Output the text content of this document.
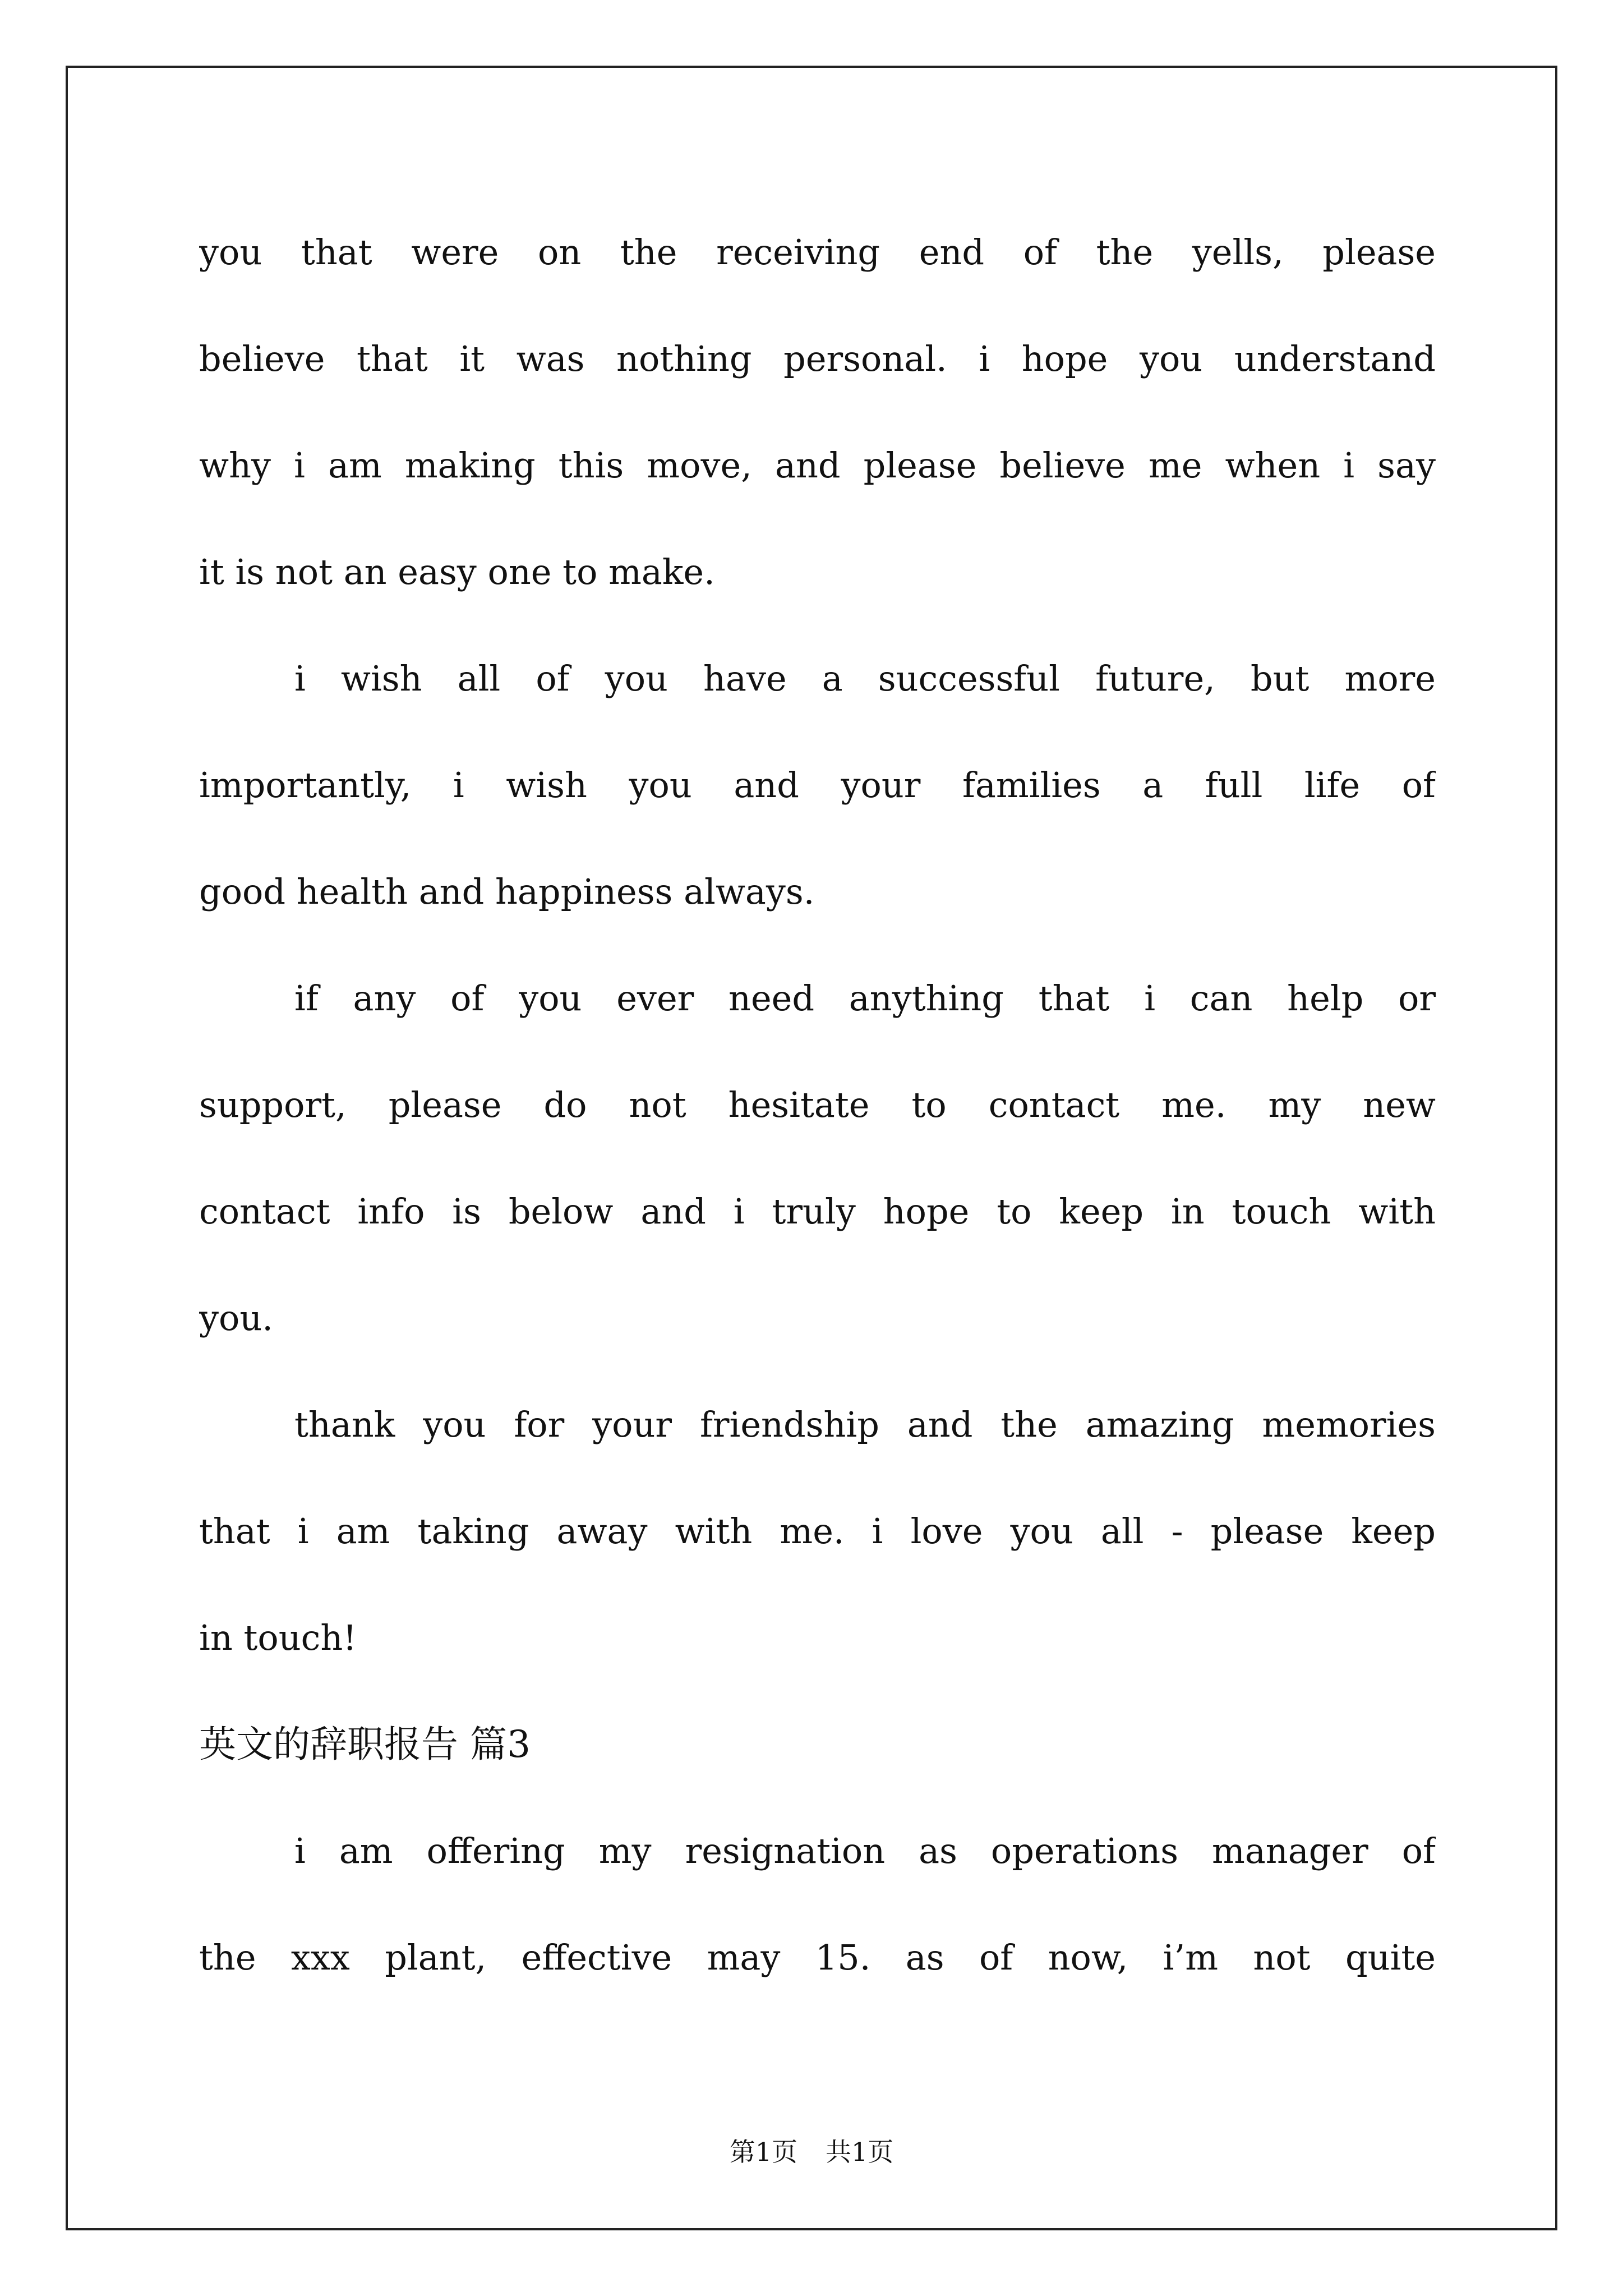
you that were on the receiving end of the yells, please
believe that it was nothing personal. i hope you understand
why i am making this move, and please believe me when i say
it is not an easy one to make.
i wish all of you have a successful future, but more
importantly, i wish you and your families a full life of
good health and happiness always.
if any of you ever need anything that i can help or
support, please do not hesitate to contact me. my new
contact info is below and i truly hope to keep in touch with
you.
thank you for your friendship and the amazing memories
that i am taking away with me. i love you all - please keep
in touch!
英文的辞职报告 篇3
i am offering my resignation as operations manager of
the xxx plant, effective may 15. as of now, i’m not quite
第1页 共1页
